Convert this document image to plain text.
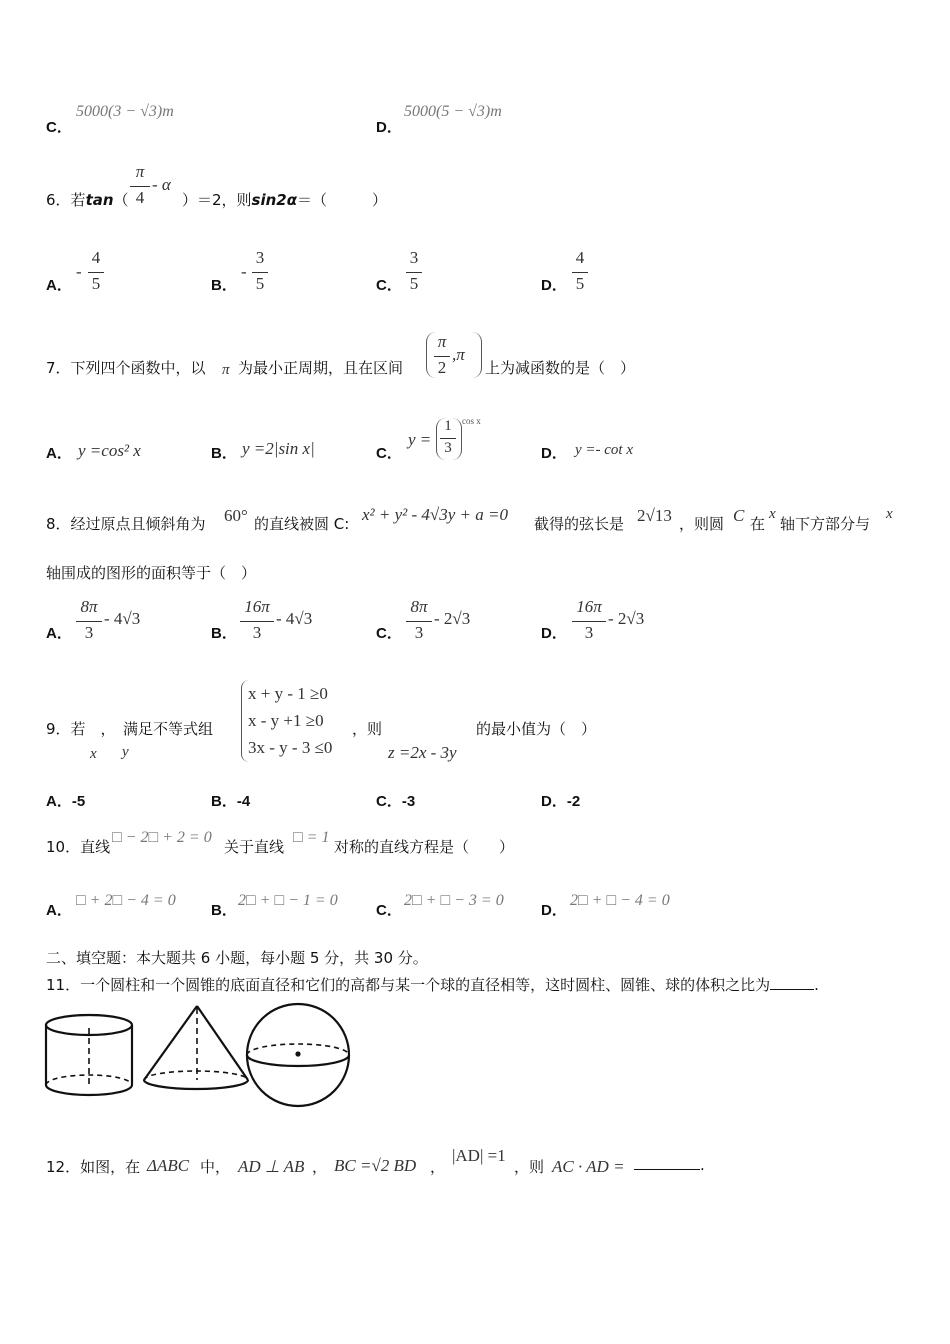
C．
5000(3 − √3)m
D．
5000(5 − √3)m
6．若tan（
π
4
- α
）＝2，则sin2α＝（　　　）
A．
-
4
5	B．
-
3
5	C．
3
5	D．
4
5
7．下列四个函数中，以 π 为最小正周期，且在区间
π
2
,π
上为减函数的是（　）
A． y =cos² x	B． y =2|sin x|	C．
y =
1
3
cos x
D． y =- cot x
8．经过原点且倾斜角为 60° 的直线被圆 C: x² + y² - 4√3y + a =0 截得的弦长是 2√13 ，则圆 C 在
x
轴下方部分与
x
轴围成的图形的面积等于（　）
A．
8π
3
- 4√3
B．
16π
3
- 4√3
C．
8π
3
- 2√3
D．
16π
3
- 2√3
9．若　，　满足不等式组
x y
x + y - 1 ≥0
x - y +1 ≥0
3x - y - 3 ≤0
，则
z =2x - 3y
的最小值为（　）
A．-5	B．-4	C．-3	D．-2
10．直线
□ − 2□ + 2 = 0
关于直线
□ = 1
对称的直线方程是（　　）
A．
□ + 2□ − 4 = 0
B．
2□ + □ − 1 = 0
C．
2□ + □ − 3 = 0
D．
2□ + □ − 4 = 0
二、填空题：本大题共 6 小题，每小题 5 分，共 30 分。
11．一个圆柱和一个圆锥的底面直径和它们的高都与某一个球的直径相等，这时圆柱、圆锥、球的体积之比为	.
12．如图，在 ΔABC 中， AD ⊥ AB ， BC =√2 BD ，
|AD| =1
，则 AC · AD =	.
